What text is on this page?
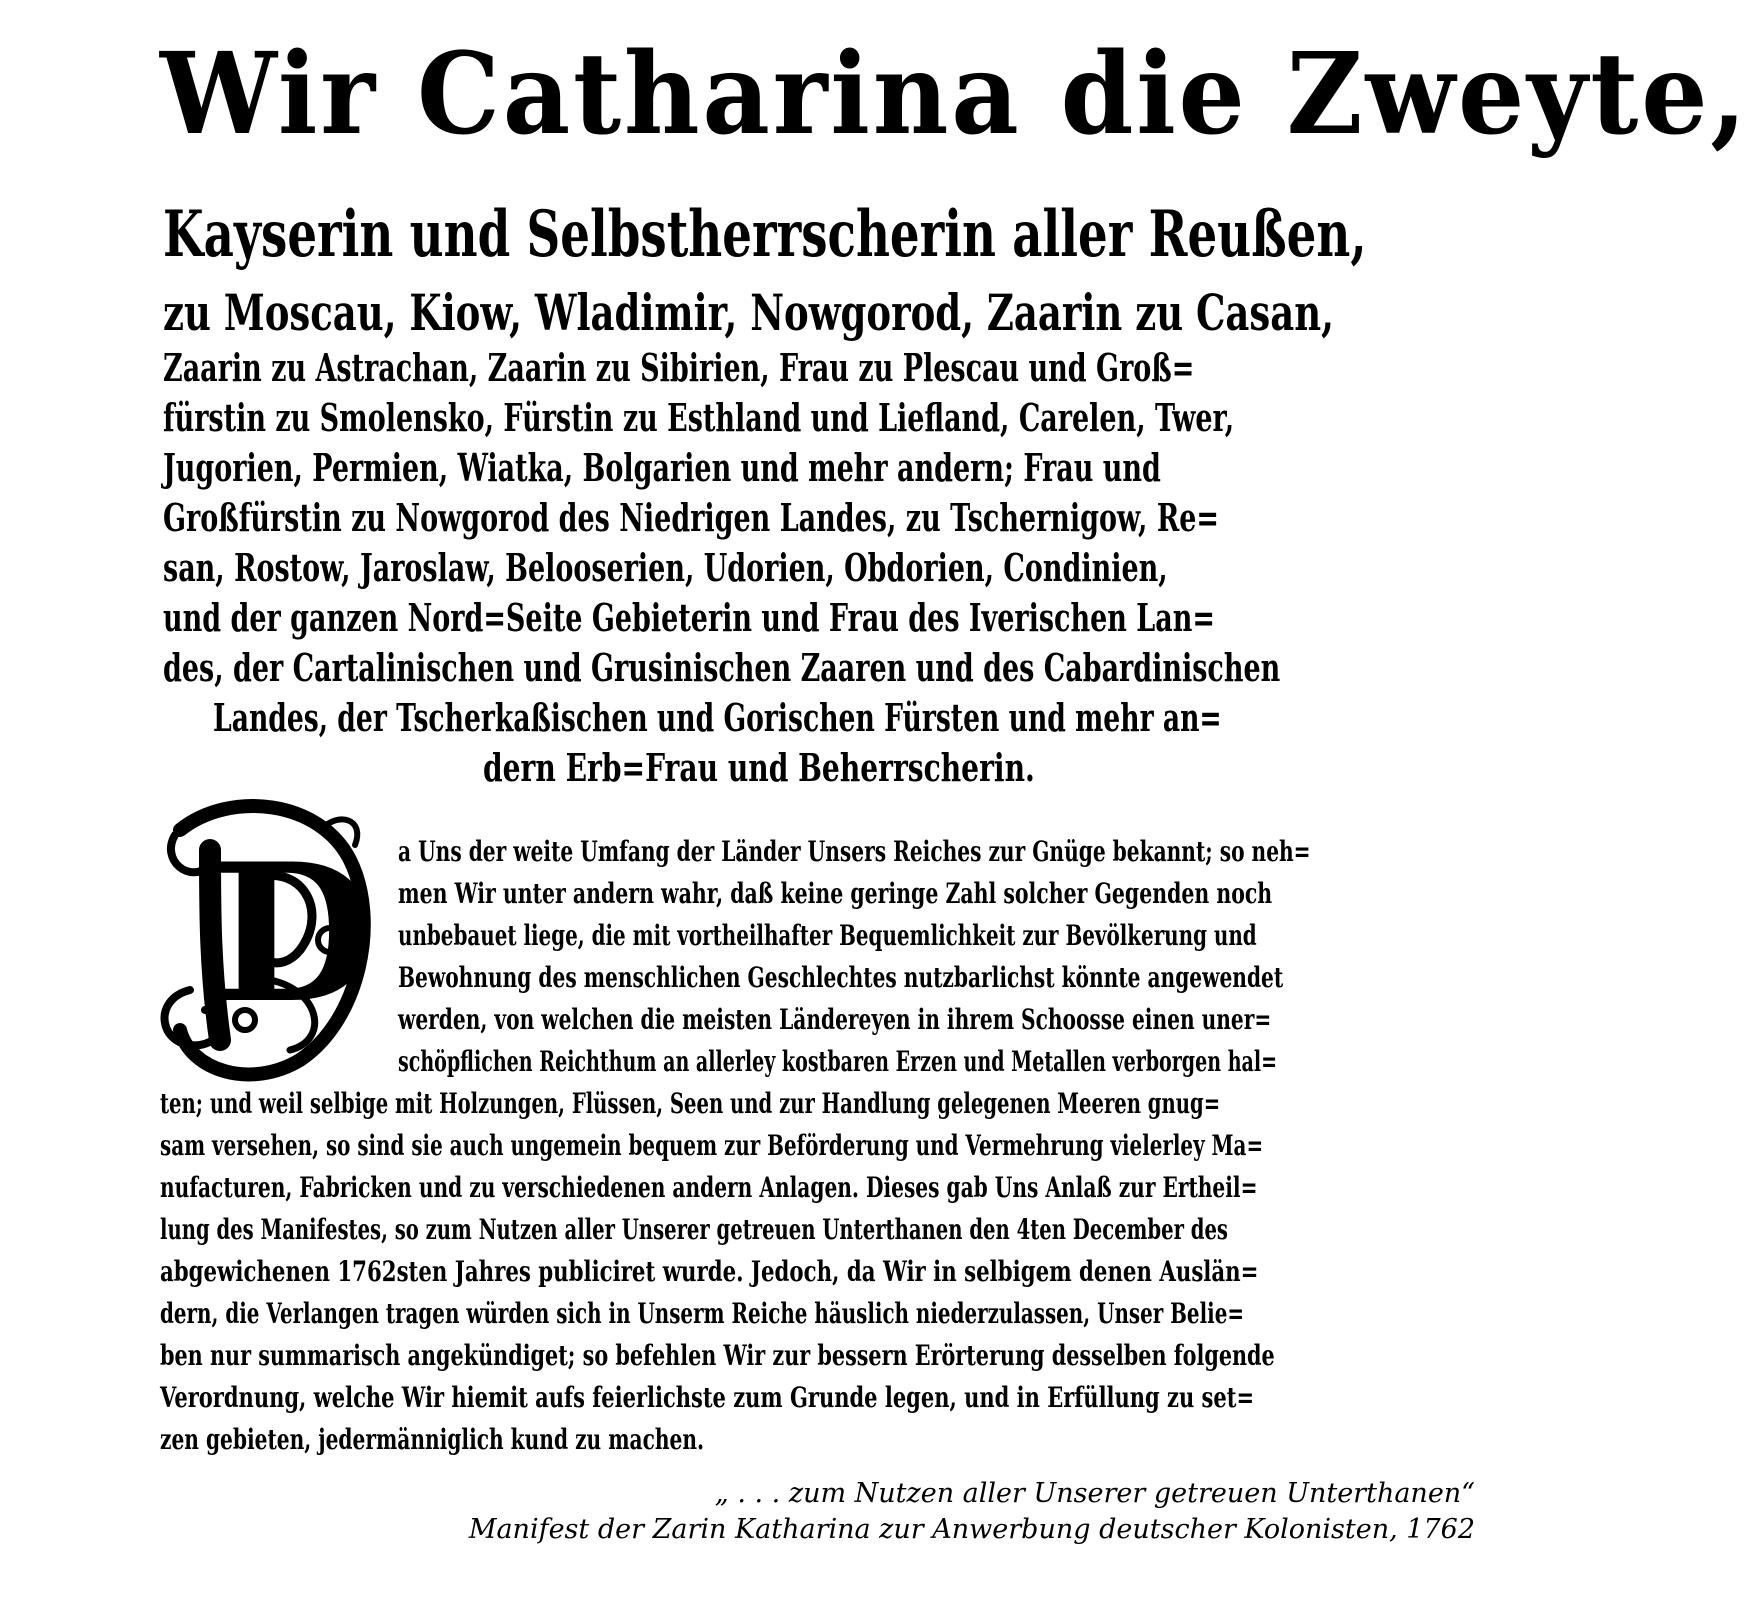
Wir Catharina die Zweyte,
Kayserin und Selbstherrscherin aller Reußen,
zu Moscau, Kiow, Wladimir, Nowgorod, Zaarin zu Casan,
Zaarin zu Astrachan, Zaarin zu Sibirien, Frau zu Plescau und Groß=
fürstin zu Smolensko, Fürstin zu Esthland und Liefland, Carelen, Twer,
Jugorien, Permien, Wiatka, Bolgarien und mehr andern; Frau und
Großfürstin zu Nowgorod des Niedrigen Landes, zu Tschernigow, Re=
san, Rostow, Jaroslaw, Belooserien, Udorien, Obdorien, Condinien,
und der ganzen Nord=Seite Gebieterin und Frau des Iverischen Lan=
des, der Cartalinischen und Grusinischen Zaaren und des Cabardinischen
Landes, der Tscherkaßischen und Gorischen Fürsten und mehr an=
dern Erb=Frau und Beherrscherin.
D a Uns der weite Umfang der Länder Unsers Reiches zur Gnüge bekannt; so neh=
men Wir unter andern wahr, daß keine geringe Zahl solcher Gegenden noch
unbebauet liege, die mit vortheilhafter Bequemlichkeit zur Bevölkerung und
Bewohnung des menschlichen Geschlechtes nutzbarlichst könnte angewendet
werden, von welchen die meisten Ländereyen in ihrem Schoosse einen uner=
schöpflichen Reichthum an allerley kostbaren Erzen und Metallen verborgen hal=
ten; und weil selbige mit Holzungen, Flüssen, Seen und zur Handlung gelegenen Meeren gnug=
sam versehen, so sind sie auch ungemein bequem zur Beförderung und Vermehrung vielerley Ma=
nufacturen, Fabricken und zu verschiedenen andern Anlagen. Dieses gab Uns Anlaß zur Ertheil=
lung des Manifestes, so zum Nutzen aller Unserer getreuen Unterthanen den 4ten December des
abgewichenen 1762sten Jahres publiciret wurde. Jedoch, da Wir in selbigem denen Auslän=
dern, die Verlangen tragen würden sich in Unserm Reiche häuslich niederzulassen, Unser Belie=
ben nur summarisch angekündiget; so befehlen Wir zur bessern Erörterung desselben folgende
Verordnung, welche Wir hiemit aufs feierlichste zum Grunde legen, und in Erfüllung zu set=
zen gebieten, jedermänniglich kund zu machen.
„ . . . zum Nutzen aller Unserer getreuen Unterthanen“
Manifest der Zarin Katharina zur Anwerbung deutscher Kolonisten, 1762
